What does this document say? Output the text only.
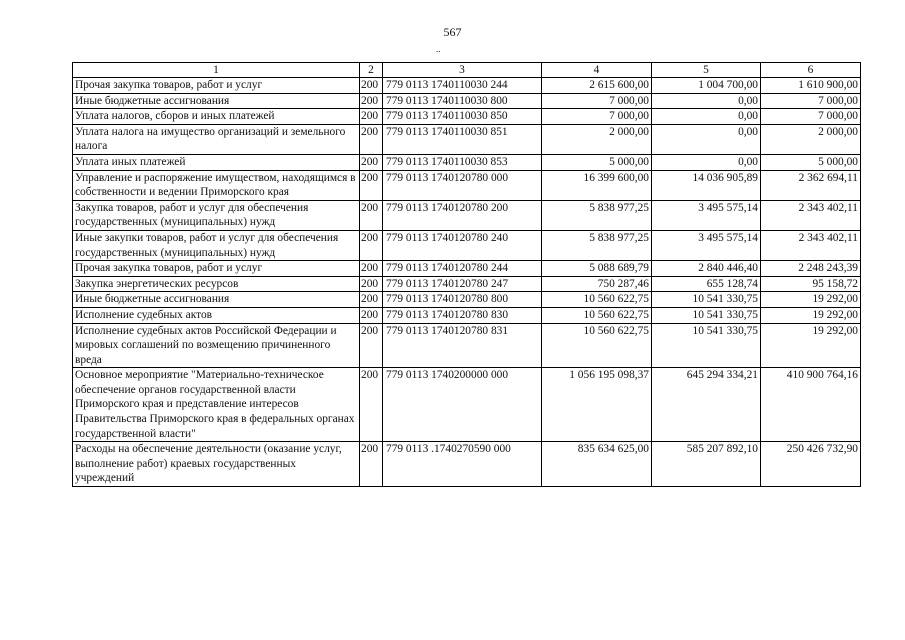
567
..
1	2	3	4	5	6
Прочая закупка товаров, работ и услуг	200	779 0113 1740110030 244	2 615 600,00	1 004 700,00	1 610 900,00
Иные бюджетные ассигнования	200	779 0113 1740110030 800	7 000,00	0,00	7 000,00
Уплата налогов, сборов и иных платежей	200	779 0113 1740110030 850	7 000,00	0,00	7 000,00
Уплата налога на имущество организаций и земельного налога	200	779 0113 1740110030 851	2 000,00	0,00	2 000,00
Уплата иных платежей	200	779 0113 1740110030 853	5 000,00	0,00	5 000,00
Управление и распоряжение имуществом, находящимся в собственности и ведении Приморского края	200	779 0113 1740120780 000	16 399 600,00	14 036 905,89	2 362 694,11
Закупка товаров, работ и услуг для обеспечения государственных (муниципальных) нужд	200	779 0113 1740120780 200	5 838 977,25	3 495 575,14	2 343 402,11
Иные закупки товаров, работ и услуг для обеспечения государственных (муниципальных) нужд	200	779 0113 1740120780 240	5 838 977,25	3 495 575,14	2 343 402,11
Прочая закупка товаров, работ и услуг	200	779 0113 1740120780 244	5 088 689,79	2 840 446,40	2 248 243,39
Закупка энергетических ресурсов	200	779 0113 1740120780 247	750 287,46	655 128,74	95 158,72
Иные бюджетные ассигнования	200	779 0113 1740120780 800	10 560 622,75	10 541 330,75	19 292,00
Исполнение судебных актов	200	779 0113 1740120780 830	10 560 622,75	10 541 330,75	19 292,00
Исполнение судебных актов Российской Федерации и мировых соглашений по возмещению причиненного вреда	200	779 0113 1740120780 831	10 560 622,75	10 541 330,75	19 292,00
Основное мероприятие "Материально-техническое обеспечение органов государственной власти Приморского края и представление интересов Правительства Приморского края в федеральных органах государственной власти"	200	779 0113 1740200000 000	1 056 195 098,37	645 294 334,21	410 900 764,16
Расходы на обеспечение деятельности (оказание услуг, выполнение работ) краевых государственных учреждений	200	779 0113 .1740270590 000	835 634 625,00	585 207 892,10	250 426 732,90
